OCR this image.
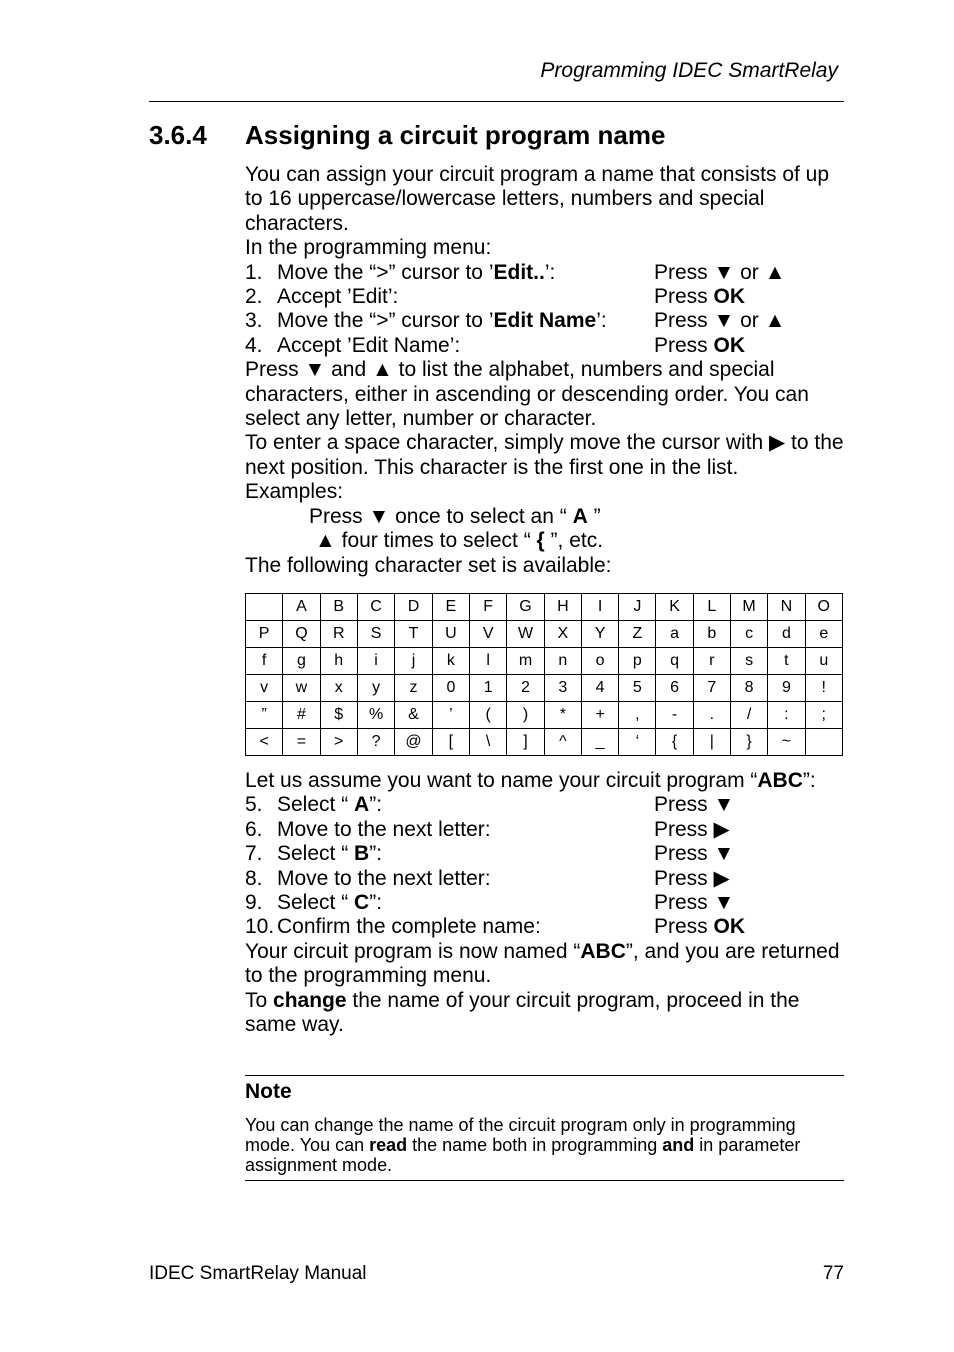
Programming IDEC SmartRelay
3.6.4 Assigning a circuit program name

You can assign your circuit program a name that consists of up to 16 uppercase/lowercase letters, numbers and special characters.

In the programming menu:

1. Move the “>” cursor to ’Edit..’:	Press ▼ or ▲
2. Accept ’Edit’:	Press OK
3. Move the “>” cursor to ’Edit Name’:	Press ▼ or ▲
4. Accept ’Edit Name’:	Press OK

Press ▼ and ▲ to list the alphabet, numbers and special characters, either in ascending or descending order. You can select any letter, number or character.

To enter a space character, simply move the cursor with ▶ to the next position. This character is the first one in the list.

Examples:

Press ▼ once to select an “ A ”

▲ four times to select “ { ”, etc.

The following character set is available:

	A	B	C	D	E	F	G	H	I	J	K	L	M	N	O
P	Q	R	S	T	U	V	W	X	Y	Z	a	b	c	d	e
f	g	h	i	j	k	l	m	n	o	p	q	r	s	t	u
v	w	x	y	z	0	1	2	3	4	5	6	7	8	9	!
”	#	$	%	&	’	(	)	*	+	,	-	.	/	:	;
<	=	>	?	@	[	\	]	^	_	‘	{	|	}	~	

Let us assume you want to name your circuit program “ABC”:

5. Select “ A”:	Press ▼
6. Move to the next letter:	Press ▶
7. Select “ B”:	Press ▼
8. Move to the next letter:	Press ▶
9. Select “ C”:	Press ▼
10. Confirm the complete name:	Press OK

Your circuit program is now named “ABC”, and you are returned to the programming menu.

To change the name of your circuit program, proceed in the same way.

Note
You can change the name of the circuit program only in programming mode. You can read the name both in programming and in parameter assignment mode.
IDEC SmartRelay Manual	77
